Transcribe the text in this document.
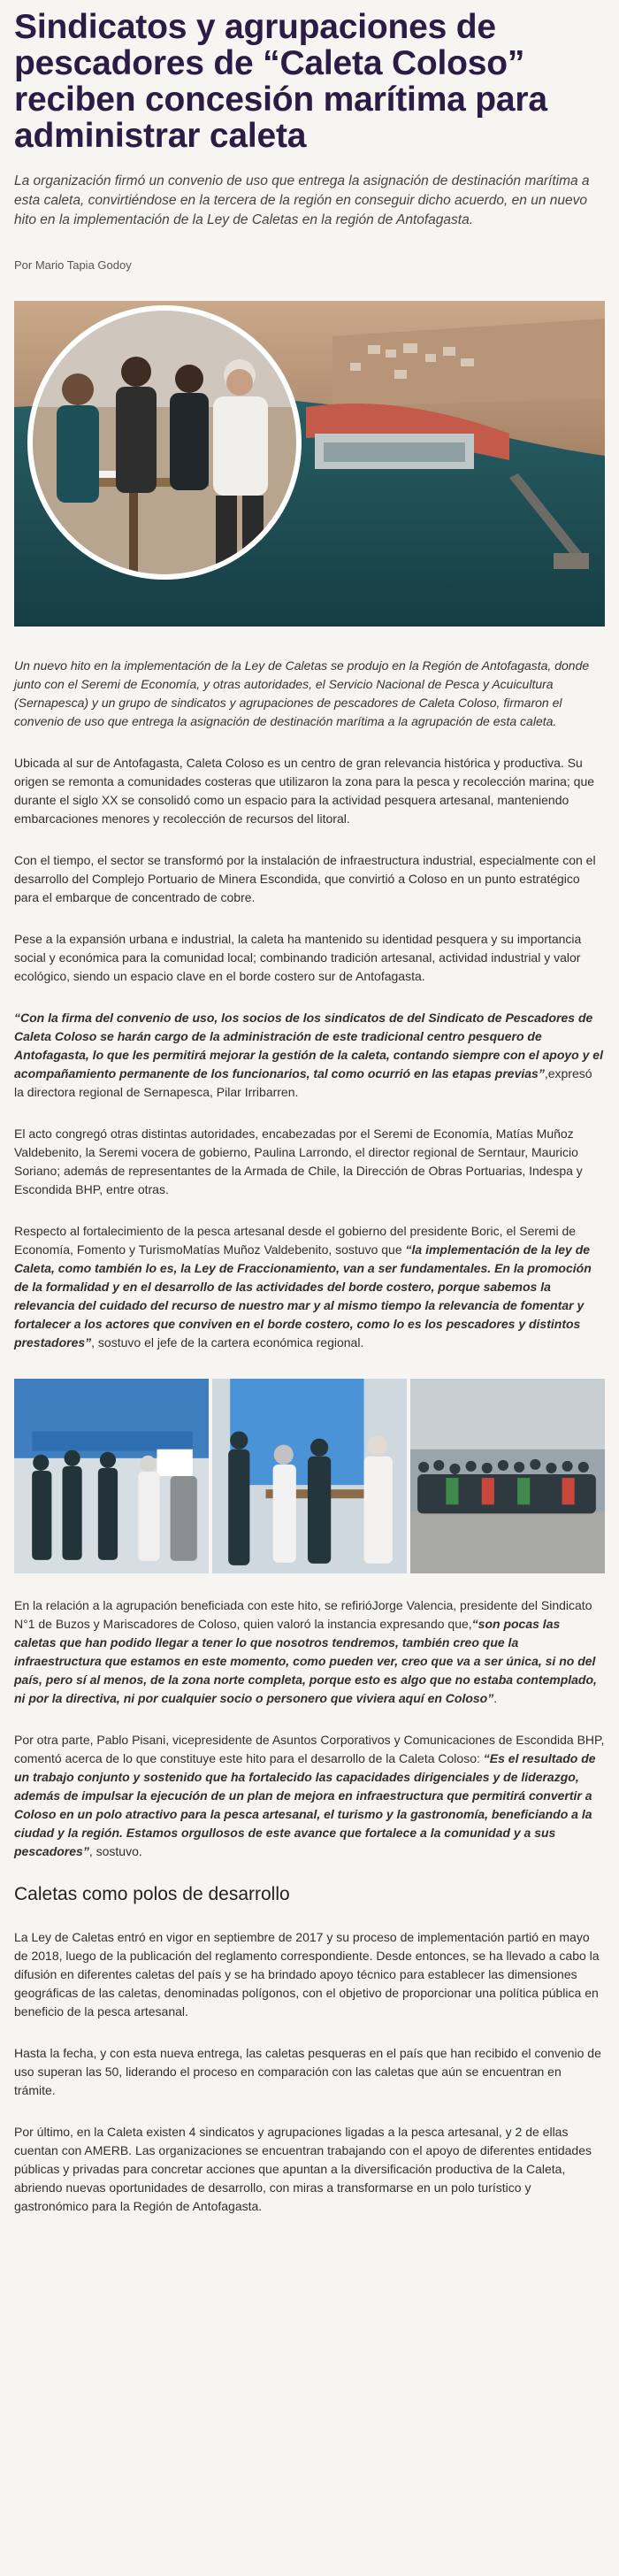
Sindicatos y agrupaciones de pescadores de “Caleta Coloso” reciben concesión marítima para administrar caleta

La organización firmó un convenio de uso que entrega la asignación de destinación marítima a esta caleta, convirtiéndose en la tercera de la región en conseguir dicho acuerdo, en un nuevo hito en la implementación de la Ley de Caletas en la región de Antofagasta.

Por Mario Tapia Godoy

Un nuevo hito en la implementación de la Ley de Caletas se produjo en la Región de Antofagasta, donde junto con el Seremi de Economía, y otras autoridades, el Servicio Nacional de Pesca y Acuicultura (Sernapesca) y un grupo de sindicatos y agrupaciones de pescadores de Caleta Coloso, firmaron el convenio de uso que entrega la asignación de destinación marítima a la agrupación de esta caleta.

Ubicada al sur de Antofagasta, Caleta Coloso es un centro de gran relevancia histórica y productiva. Su origen se remonta a comunidades costeras que utilizaron la zona para la pesca y recolección marina; que durante el siglo XX se consolidó como un espacio para la actividad pesquera artesanal, manteniendo embarcaciones menores y recolección de recursos del litoral.

Con el tiempo, el sector se transformó por la instalación de infraestructura industrial, especialmente con el desarrollo del Complejo Portuario de Minera Escondida, que convirtió a Coloso en un punto estratégico para el embarque de concentrado de cobre.

Pese a la expansión urbana e industrial, la caleta ha mantenido su identidad pesquera y su importancia social y económica para la comunidad local; combinando tradición artesanal, actividad industrial y valor ecológico, siendo un espacio clave en el borde costero sur de Antofagasta.

“Con la firma del convenio de uso, los socios de los sindicatos de del Sindicato de Pescadores de Caleta Coloso se harán cargo de la administración de este tradicional centro pesquero de Antofagasta, lo que les permitirá mejorar la gestión de la caleta, contando siempre con el apoyo y el acompañamiento permanente de los funcionarios, tal como ocurrió en las etapas previas”,expresó la directora regional de Sernapesca, Pilar Irribarren.

El acto congregó otras distintas autoridades, encabezadas por el Seremi de Economía, Matías Muñoz Valdebenito, la Seremi vocera de gobierno, Paulina Larrondo, el director regional de Serntaur, Mauricio Soriano; además de representantes de la Armada de Chile, la Dirección de Obras Portuarias, Indespa y Escondida BHP, entre otras.

Respecto al fortalecimiento de la pesca artesanal desde el gobierno del presidente Boric, el Seremi de Economía, Fomento y TurismoMatías Muñoz Valdebenito, sostuvo que “la implementación de la ley de Caleta, como también lo es, la Ley de Fraccionamiento, van a ser fundamentales. En la promoción de la formalidad y en el desarrollo de las actividades del borde costero, porque sabemos la relevancia del cuidado del recurso de nuestro mar y al mismo tiempo la relevancia de fomentar y fortalecer a los actores que conviven en el borde costero, como lo es los pescadores y distintos prestadores”, sostuvo el jefe de la cartera económica regional.

En la relación a la agrupación beneficiada con este hito, se refirióJorge Valencia, presidente del Sindicato N°1 de Buzos y Mariscadores de Coloso, quien valoró la instancia expresando que,“son pocas las caletas que han podido llegar a tener lo que nosotros tendremos, también creo que la infraestructura que estamos en este momento, como pueden ver, creo que va a ser única, si no del país, pero sí al menos, de la zona norte completa, porque esto es algo que no estaba contemplado, ni por la directiva, ni por cualquier socio o personero que viviera aquí en Coloso”.

Por otra parte, Pablo Pisani, vicepresidente de Asuntos Corporativos y Comunicaciones de Escondida BHP, comentó acerca de lo que constituye este hito para el desarrollo de la Caleta Coloso: “Es el resultado de un trabajo conjunto y sostenido que ha fortalecido las capacidades dirigenciales y de liderazgo, además de impulsar la ejecución de un plan de mejora en infraestructura que permitirá convertir a Coloso en un polo atractivo para la pesca artesanal, el turismo y la gastronomía, beneficiando a la ciudad y la región. Estamos orgullosos de este avance que fortalece a la comunidad y a sus pescadores”, sostuvo.

Caletas como polos de desarrollo

La Ley de Caletas entró en vigor en septiembre de 2017 y su proceso de implementación partió en mayo de 2018, luego de la publicación del reglamento correspondiente. Desde entonces, se ha llevado a cabo la difusión en diferentes caletas del país y se ha brindado apoyo técnico para establecer las dimensiones geográficas de las caletas, denominadas polígonos, con el objetivo de proporcionar una política pública en beneficio de la pesca artesanal.

Hasta la fecha, y con esta nueva entrega, las caletas pesqueras en el país que han recibido el convenio de uso superan las 50, liderando el proceso en comparación con las caletas que aún se encuentran en trámite.

Por último, en la Caleta existen 4 sindicatos y agrupaciones ligadas a la pesca artesanal, y 2 de ellas cuentan con AMERB. Las organizaciones se encuentran trabajando con el apoyo de diferentes entidades públicas y privadas para concretar acciones que apuntan a la diversificación productiva de la Caleta, abriendo nuevas oportunidades de desarrollo, con miras a transformarse en un polo turístico y gastronómico para la Región de Antofagasta.
